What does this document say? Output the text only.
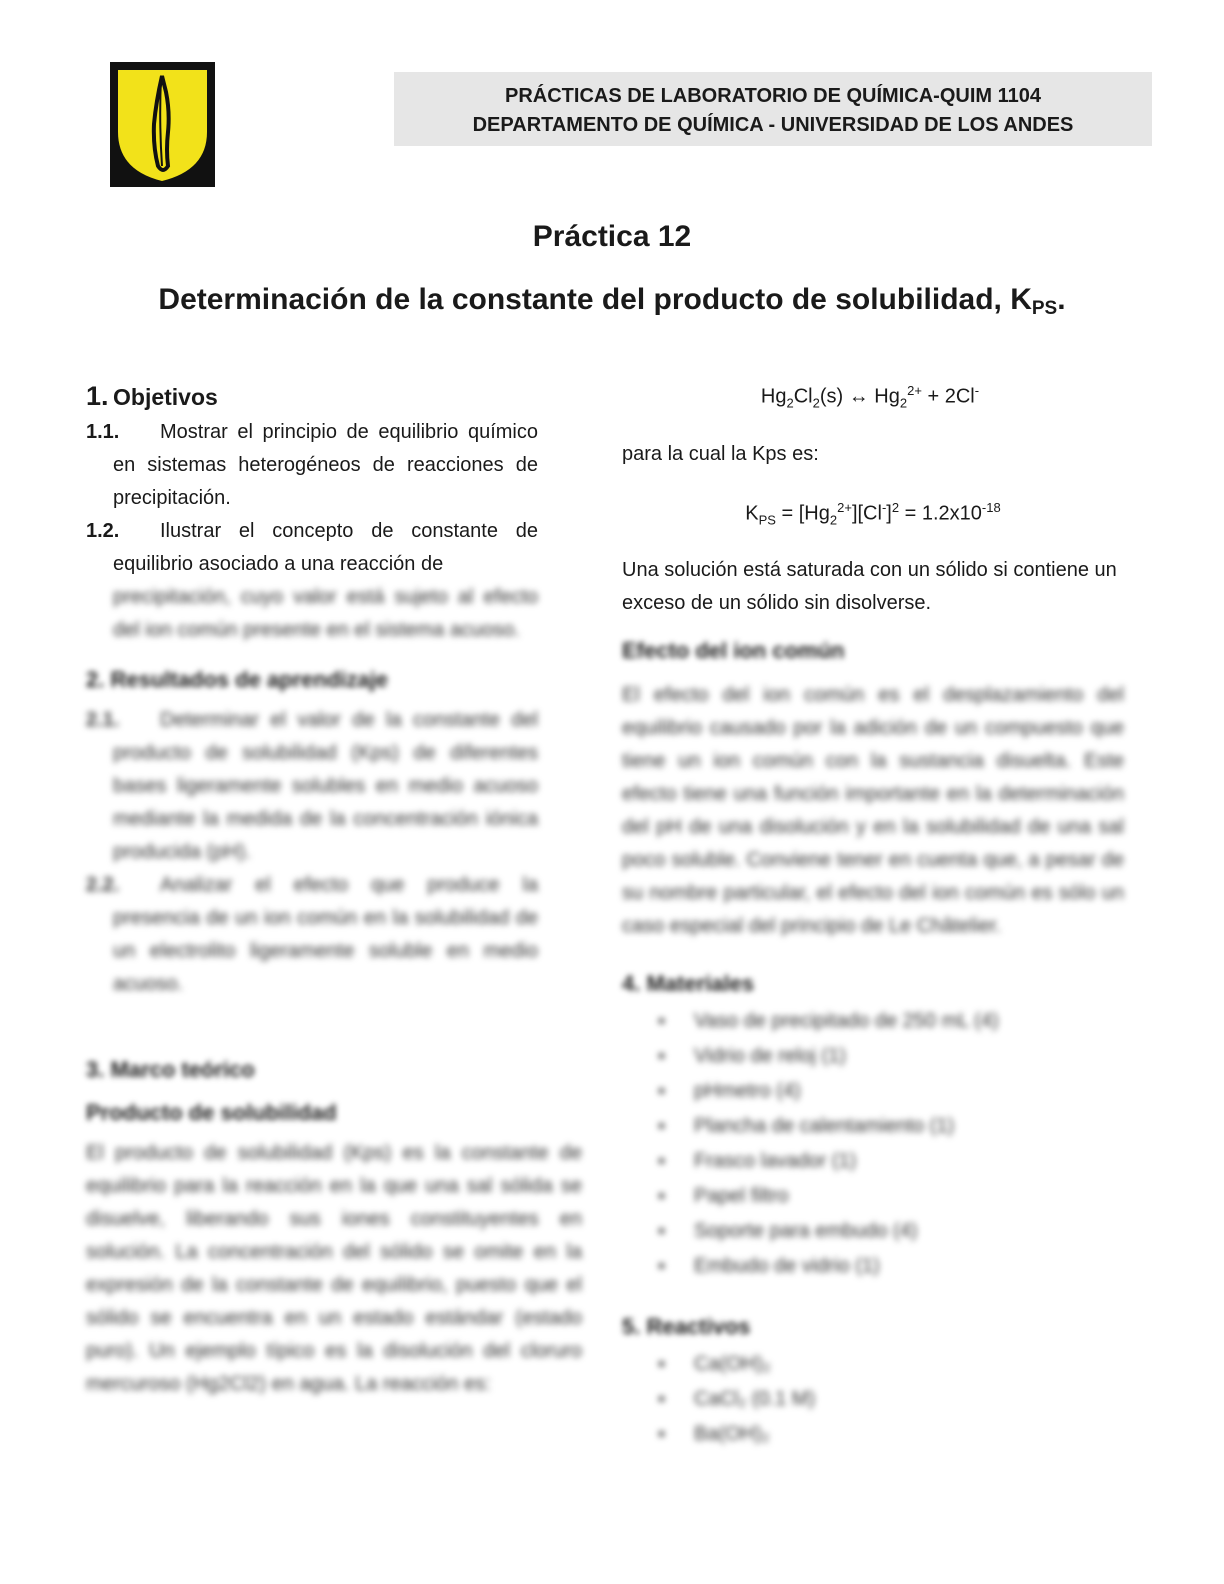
PRÁCTICAS DE LABORATORIO DE QUÍMICA-QUIM 1104
DEPARTAMENTO DE QUÍMICA - UNIVERSIDAD DE LOS ANDES
Práctica 12
Determinación de la constante del producto de solubilidad, $K_{PS}$.
1. Objetivos
1.1.	Mostrar el principio de equilibrio químico en sistemas heterogéneos de reacciones de precipitación.
1.2.	Ilustrar el concepto de constante de equilibrio asociado a una reacción de
precipitación, cuyo valor está sujeto al efecto del ion común presente en el sistema acuoso.
2. Resultados de aprendizaje
2.1. Determinar el valor de la constante del producto de solubilidad (Kps) de diferentes bases ligeramente solubles en medio acuoso mediante la medida de la concentración iónica producida (pH).
2.2. Analizar el efecto que produce la presencia de un ion común en la solubilidad de un electrolito ligeramente soluble en medio acuoso.
3. Marco teórico
Producto de solubilidad
El producto de solubilidad (Kps) es la constante de equilibrio para la reacción en la que una sal sólida se disuelve, liberando sus iones constituyentes en solución. La concentración del sólido se omite en la expresión de la constante de equilibrio, puesto que el sólido se encuentra en un estado estándar (estado puro). Un ejemplo típico es la disolución del cloruro mercuroso (Hg2Cl2) en agua. La reacción es:
$Hg_2Cl_2(s)$ ↔ $Hg_2^{2+} + 2Cl^-$
para la cual la Kps es:
$K_{PS} = [Hg_2^{2+}][Cl^-]^2 = 1.2x10^{-18}$
Una solución está saturada con un sólido si contiene un exceso de un sólido sin disolverse.
Efecto del ion común
El efecto del ion común es el desplazamiento del equilibrio causado por la adición de un compuesto que tiene un ion común con la sustancia disuelta. Este efecto tiene una función importante en la determinación del pH de una disolución y en la solubilidad de una sal poco soluble. Conviene tener en cuenta que, a pesar de su nombre particular, el efecto del ion común es sólo un caso especial del principio de Le Châtelier.
4. Materiales
▪	Vaso de precipitado de 250 mL (4)
▪	Vidrio de reloj (1)
▪	pHmetro (4)
▪	Plancha de calentamiento (1)
▪	Frasco lavador (1)
▪	Papel filtro
▪	Soporte para embudo (4)
▪	Embudo de vidrio (1)
5. Reactivos
▪	Ca(OH)₂
▪	CaCl₂ (0.1 M)
▪	Ba(OH)₂
